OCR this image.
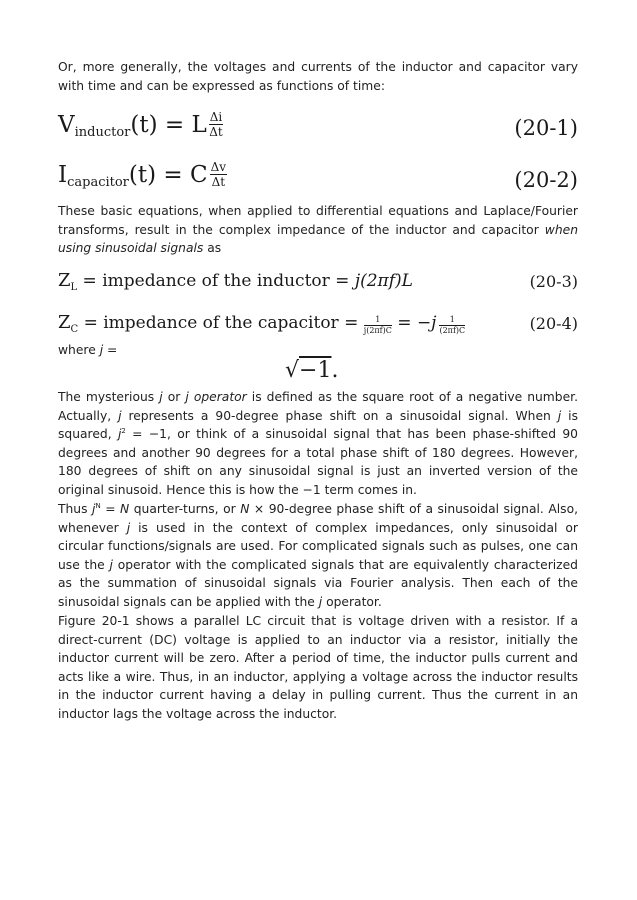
Or, more generally, the voltages and currents of the inductor and capacitor vary with time and can be expressed as functions of time:

$V_{inductor}(t) = L \frac{\Delta i}{\Delta t}$	(20-1)
$I_{capacitor}(t) = C \frac{\Delta v}{\Delta t}$	(20-2)

These basic equations, when applied to differential equations and Laplace/Fourier transforms, result in the complex impedance of the inductor and capacitor when using sinusoidal signals as

$Z_L$ = impedance of the inductor = j(2πf)L	(20-3)
$Z_C$ = impedance of the capacitor = $\frac{1}{j(2\pi f)C} = -j \frac{1}{(2\pi f)C}$	(20-4)

where j =

√−1.

The mysterious j or j operator is defined as the square root of a negative number. Actually, j represents a 90-degree phase shift on a sinusoidal signal. When j is squared, $j^2 = -1$, or think of a sinusoidal signal that has been phase-shifted 90 degrees and another 90 degrees for a total phase shift of 180 degrees. However, 180 degrees of shift on any sinusoidal signal is just an inverted version of the original sinusoid. Hence this is how the −1 term comes in.

Thus $j^N = N$ quarter-turns, or N × 90-degree phase shift of a sinusoidal signal. Also, whenever j is used in the context of complex impedances, only sinusoidal or circular functions/signals are used. For complicated signals such as pulses, one can use the j operator with the complicated signals that are equivalently characterized as the summation of sinusoidal signals via Fourier analysis. Then each of the sinusoidal signals can be applied with the j operator.

Figure 20-1 shows a parallel LC circuit that is voltage driven with a resistor. If a direct-current (DC) voltage is applied to an inductor via a resistor, initially the inductor current will be zero. After a period of time, the inductor pulls current and acts like a wire. Thus, in an inductor, applying a voltage across the inductor results in the inductor current having a delay in pulling current. Thus the current in an inductor lags the voltage across the inductor.
